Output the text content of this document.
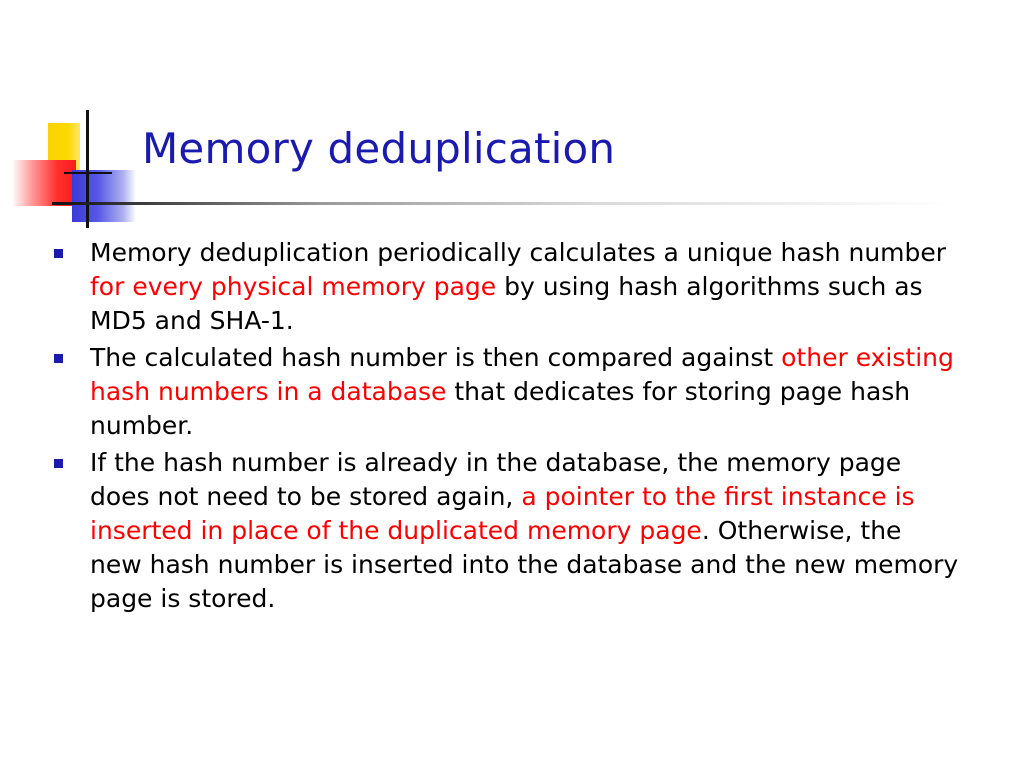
Memory deduplication
Memory deduplication periodically calculates a unique hash number for every physical memory page by using hash algorithms such as MD5 and SHA-1.
The calculated hash number is then compared against other existing hash numbers in a database that dedicates for storing page hash number.
If the hash number is already in the database, the memory page does not need to be stored again, a pointer to the first instance is inserted in place of the duplicated memory page. Otherwise, the new hash number is inserted into the database and the new memory page is stored.
